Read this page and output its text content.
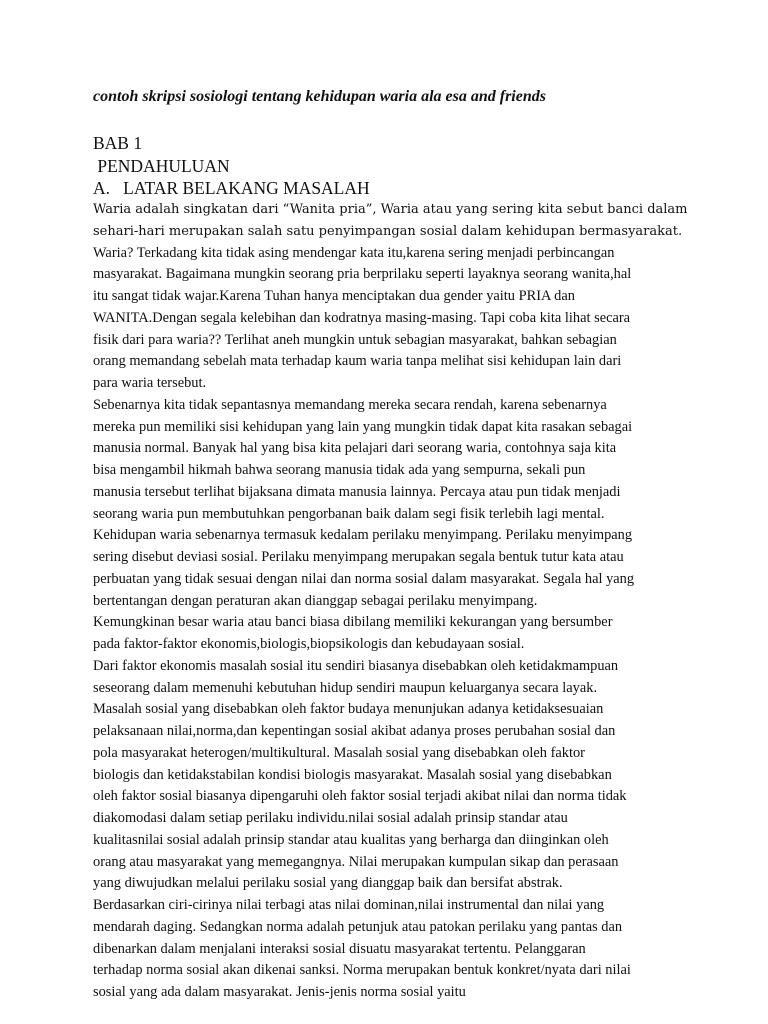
contoh skripsi sosiologi tentang kehidupan waria ala esa and friends

BAB 1
PENDAHULUAN
A.   LATAR BELAKANG MASALAH
Waria adalah singkatan dari “Wanita pria”, Waria atau yang sering kita sebut banci dalam
sehari-hari merupakan salah satu penyimpangan sosial dalam kehidupan bermasyarakat.
Waria? Terkadang kita tidak asing mendengar kata itu,karena sering menjadi perbincangan
masyarakat. Bagaimana mungkin seorang pria berprilaku seperti layaknya seorang wanita,hal
itu sangat tidak wajar.Karena Tuhan hanya menciptakan dua gender yaitu PRIA dan
WANITA.Dengan segala kelebihan dan kodratnya masing-masing. Tapi coba kita lihat secara
fisik dari para waria?? Terlihat aneh mungkin untuk sebagian masyarakat, bahkan sebagian
orang memandang sebelah mata terhadap kaum waria tanpa melihat sisi kehidupan lain dari
para waria tersebut.
Sebenarnya kita tidak sepantasnya memandang mereka secara rendah, karena sebenarnya
mereka pun memiliki sisi kehidupan yang lain yang mungkin tidak dapat kita rasakan sebagai
manusia normal. Banyak hal yang bisa kita pelajari dari seorang waria, contohnya saja kita
bisa mengambil hikmah bahwa seorang manusia tidak ada yang sempurna, sekali pun
manusia tersebut terlihat bijaksana dimata manusia lainnya. Percaya atau pun tidak menjadi
seorang waria pun membutuhkan pengorbanan baik dalam segi fisik terlebih lagi mental.
Kehidupan waria sebenarnya termasuk kedalam perilaku menyimpang. Perilaku menyimpang
sering disebut deviasi sosial. Perilaku menyimpang merupakan segala bentuk tutur kata atau
perbuatan yang tidak sesuai dengan nilai dan norma sosial dalam masyarakat. Segala hal yang
bertentangan dengan peraturan akan dianggap sebagai perilaku menyimpang.
Kemungkinan besar waria atau banci biasa dibilang memiliki kekurangan yang bersumber
pada faktor-faktor ekonomis,biologis,biopsikologis dan kebudayaan sosial.
Dari faktor ekonomis masalah sosial itu sendiri biasanya disebabkan oleh ketidakmampuan
seseorang dalam memenuhi kebutuhan hidup sendiri maupun keluarganya secara layak.
Masalah sosial yang disebabkan oleh faktor budaya menunjukan adanya ketidaksesuaian
pelaksanaan nilai,norma,dan kepentingan sosial akibat adanya proses perubahan sosial dan
pola masyarakat heterogen/multikultural. Masalah sosial yang disebabkan oleh faktor
biologis dan ketidakstabilan kondisi biologis masyarakat. Masalah sosial yang disebabkan
oleh faktor sosial biasanya dipengaruhi oleh faktor sosial terjadi akibat nilai dan norma tidak
diakomodasi dalam setiap perilaku individu.nilai sosial adalah prinsip standar atau
kualitasnilai sosial adalah prinsip standar atau kualitas yang berharga dan diinginkan oleh
orang atau masyarakat yang memegangnya. Nilai merupakan kumpulan sikap dan perasaan
yang diwujudkan melalui perilaku sosial yang dianggap baik dan bersifat abstrak.
Berdasarkan ciri-cirinya nilai terbagi atas nilai dominan,nilai instrumental dan nilai yang
mendarah daging. Sedangkan norma adalah petunjuk atau patokan perilaku yang pantas dan
dibenarkan dalam menjalani interaksi sosial disuatu masyarakat tertentu. Pelanggaran
terhadap norma sosial akan dikenai sanksi. Norma merupakan bentuk konkret/nyata dari nilai
sosial yang ada dalam masyarakat. Jenis-jenis norma sosial yaitu
